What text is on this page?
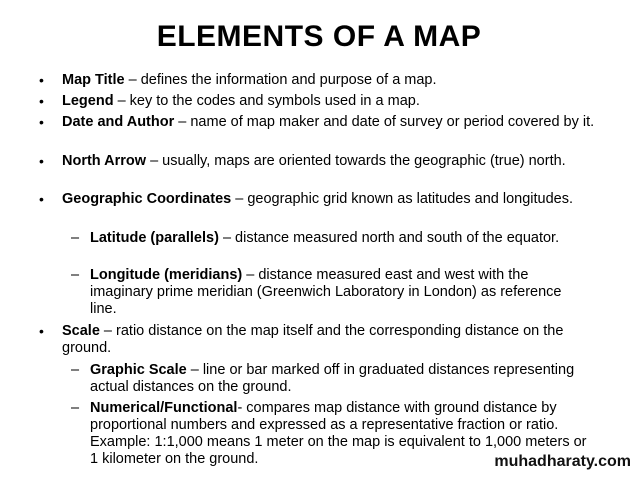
ELEMENTS OF A MAP
• Map Title – defines the information and purpose of a map.
• Legend – key to the codes and symbols used in a map.
• Date and Author – name of map maker and date of survey or period covered by it.
• North Arrow – usually, maps are oriented towards the geographic (true) north.
• Geographic Coordinates – geographic grid known as latitudes and longitudes.
– Latitude (parallels) – distance measured north and south of the equator.
– Longitude (meridians) – distance measured east and west with the imaginary prime meridian (Greenwich Laboratory in London) as reference line.
• Scale – ratio distance on the map itself and the corresponding distance on the ground.
– Graphic Scale – line or bar marked off in graduated distances representing actual distances on the ground.
– Numerical/Functional- compares map distance with ground distance by proportional numbers and expressed as a representative fraction or ratio. Example: 1:1,000 means 1 meter on the map is equivalent to 1,000 meters or 1 kilometer on the ground.	muhadharaty.com
